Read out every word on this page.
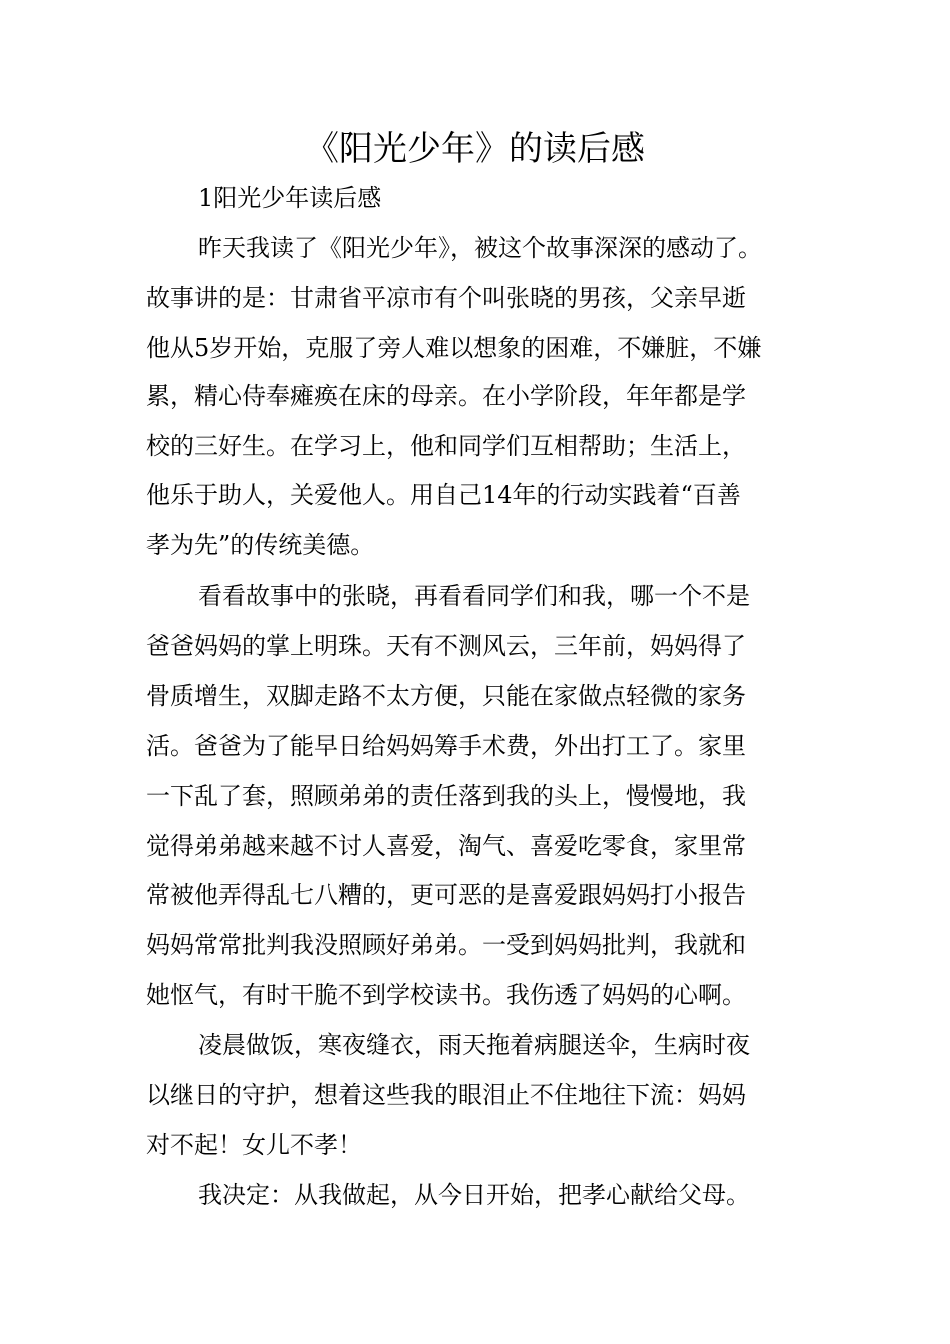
《阳光少年》的读后感
1阳光少年读后感
昨天我读了《阳光少年》，被这个故事深深的感动了。
故事讲的是：甘肃省平凉市有个叫张晓的男孩，父亲早逝
他从5岁开始，克服了旁人难以想象的困难，不嫌脏，不嫌
累，精心侍奉瘫痪在床的母亲。在小学阶段，年年都是学
校的三好生。在学习上，他和同学们互相帮助；生活上，
他乐于助人，关爱他人。用自己14年的行动实践着“百善
孝为先”的传统美德。
看看故事中的张晓，再看看同学们和我，哪一个不是
爸爸妈妈的掌上明珠。天有不测风云，三年前，妈妈得了
骨质增生，双脚走路不太方便，只能在家做点轻微的家务
活。爸爸为了能早日给妈妈筹手术费，外出打工了。家里
一下乱了套，照顾弟弟的责任落到我的头上，慢慢地，我
觉得弟弟越来越不讨人喜爱，淘气、喜爱吃零食，家里常
常被他弄得乱七八糟的，更可恶的是喜爱跟妈妈打小报告
妈妈常常批判我没照顾好弟弟。一受到妈妈批判，我就和
她怄气，有时干脆不到学校读书。我伤透了妈妈的心啊。
凌晨做饭，寒夜缝衣，雨天拖着病腿送伞，生病时夜
以继日的守护，想着这些我的眼泪止不住地往下流：妈妈
对不起！女儿不孝！
我决定：从我做起，从今日开始，把孝心献给父母。
